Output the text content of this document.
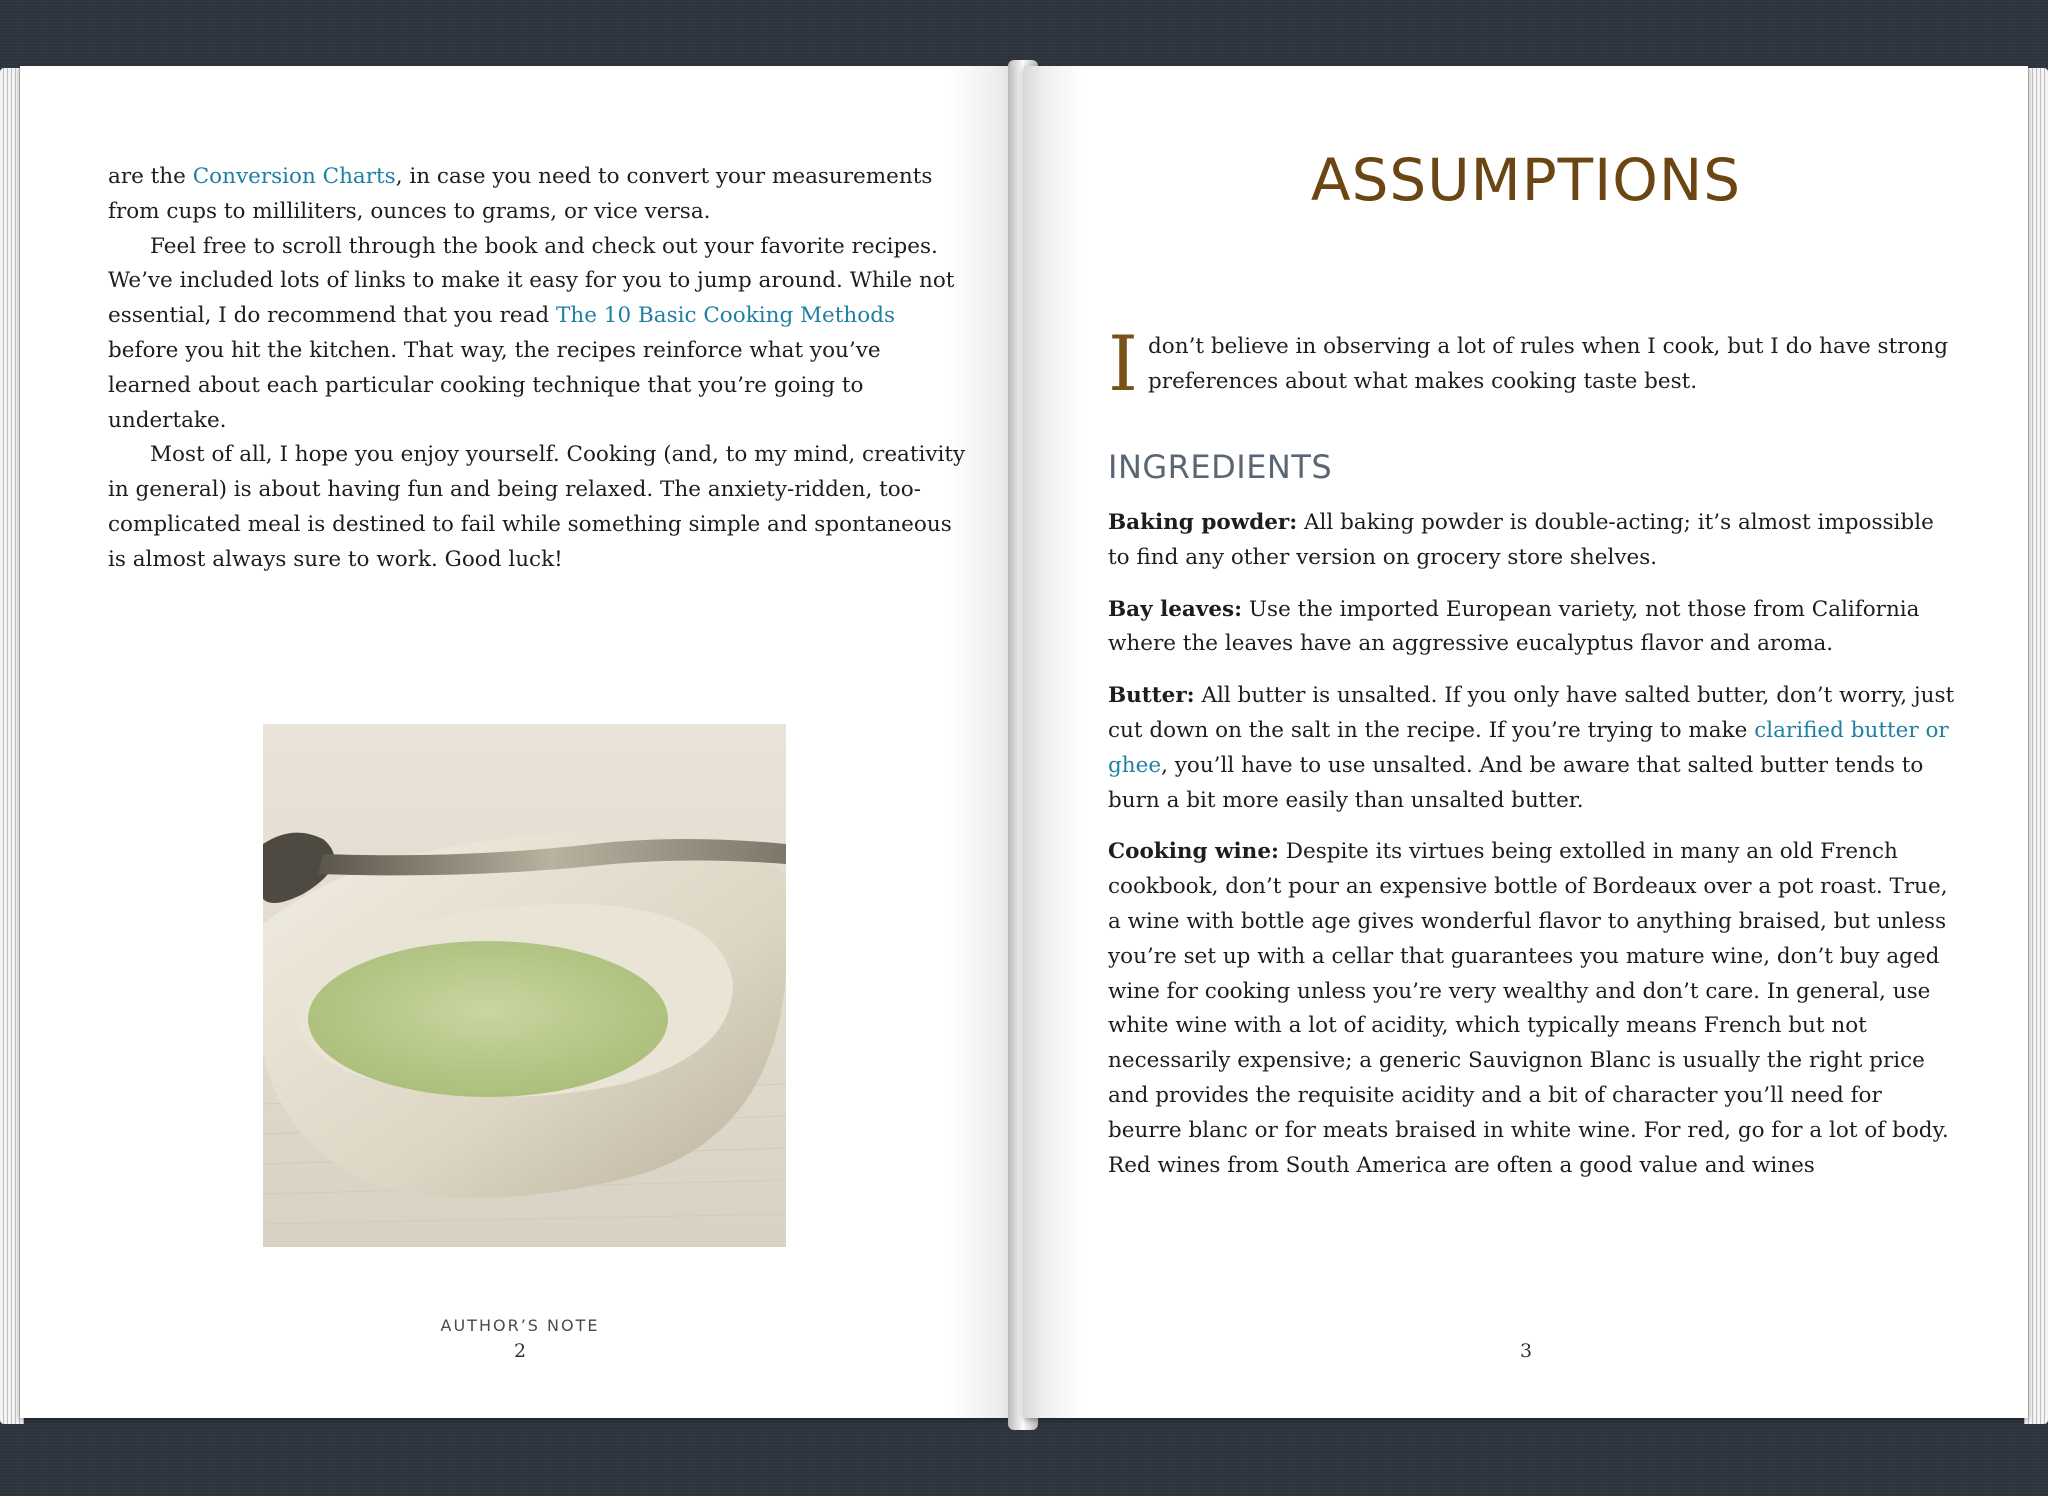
are the Conversion Charts, in case you need to convert your measurements from cups to milliliters, ounces to grams, or vice versa.

Feel free to scroll through the book and check out your favorite recipes. We’ve included lots of links to make it easy for you to jump around. While not essential, I do recommend that you read The 10 Basic Cooking Methods before you hit the kitchen. That way, the recipes reinforce what you’ve learned about each particular cooking technique that you’re going to undertake.

Most of all, I hope you enjoy yourself. Cooking (and, to my mind, creativity in general) is about having fun and being relaxed. The anxiety-ridden, too-complicated meal is destined to fail while something simple and spontaneous is almost always sure to work. Good luck!

AUTHOR’S NOTE
2
ASSUMPTIONS
Idon’t believe in observing a lot of rules when I cook, but I do have strong preferences about what makes cooking taste best.
INGREDIENTS

Baking powder: All baking powder is double-acting; it’s almost impossible to find any other version on grocery store shelves.

Bay leaves: Use the imported European variety, not those from California where the leaves have an aggressive eucalyptus flavor and aroma.

Butter: All butter is unsalted. If you only have salted butter, don’t worry, just cut down on the salt in the recipe. If you’re trying to make clarified butter or ghee, you’ll have to use unsalted. And be aware that salted butter tends to burn a bit more easily than unsalted butter.

Cooking wine: Despite its virtues being extolled in many an old French cookbook, don’t pour an expensive bottle of Bordeaux over a pot roast. True, a wine with bottle age gives wonderful flavor to anything braised, but unless you’re set up with a cellar that guarantees you mature wine, don’t buy aged wine for cooking unless you’re very wealthy and don’t care. In general, use white wine with a lot of acidity, which typically means French but not necessarily expensive; a generic Sauvignon Blanc is usually the right price and provides the requisite acidity and a bit of character you’ll need for beurre blanc or for meats braised in white wine. For red, go for a lot of body. Red wines from South America are often a good value and wines

3
